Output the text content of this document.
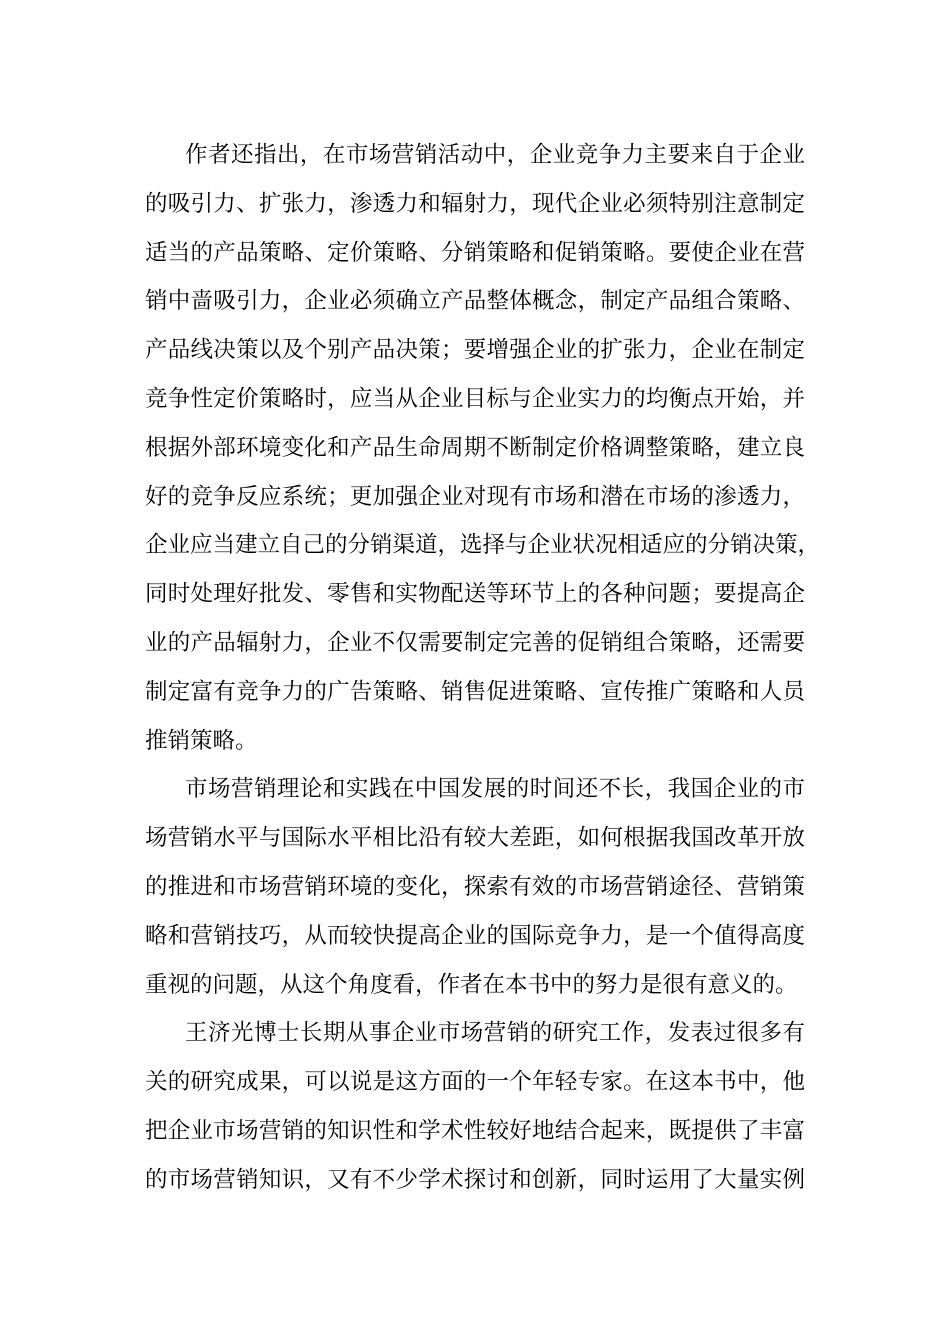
作者还指出，在市场营销活动中，企业竞争力主要来自于企业
的吸引力、扩张力，渗透力和辐射力，现代企业必须特别注意制定
适当的产品策略、定价策略、分销策略和促销策略。要使企业在营
销中啬吸引力，企业必须确立产品整体概念，制定产品组合策略、
产品线决策以及个别产品决策；要增强企业的扩张力，企业在制定
竞争性定价策略时，应当从企业目标与企业实力的均衡点开始，并
根据外部环境变化和产品生命周期不断制定价格调整策略，建立良
好的竞争反应系统；更加强企业对现有市场和潜在市场的渗透力，
企业应当建立自己的分销渠道，选择与企业状况相适应的分销决策，
同时处理好批发、零售和实物配送等环节上的各种问题；要提高企
业的产品辐射力，企业不仅需要制定完善的促销组合策略，还需要
制定富有竞争力的广告策略、销售促进策略、宣传推广策略和人员
推销策略。
市场营销理论和实践在中国发展的时间还不长，我国企业的市
场营销水平与国际水平相比沿有较大差距，如何根据我国改革开放
的推进和市场营销环境的变化，探索有效的市场营销途径、营销策
略和营销技巧，从而较快提高企业的国际竞争力，是一个值得高度
重视的问题，从这个角度看，作者在本书中的努力是很有意义的。
王济光博士长期从事企业市场营销的研究工作，发表过很多有
关的研究成果，可以说是这方面的一个年轻专家。在这本书中，他
把企业市场营销的知识性和学术性较好地结合起来，既提供了丰富
的市场营销知识，又有不少学术探讨和创新，同时运用了大量实例
